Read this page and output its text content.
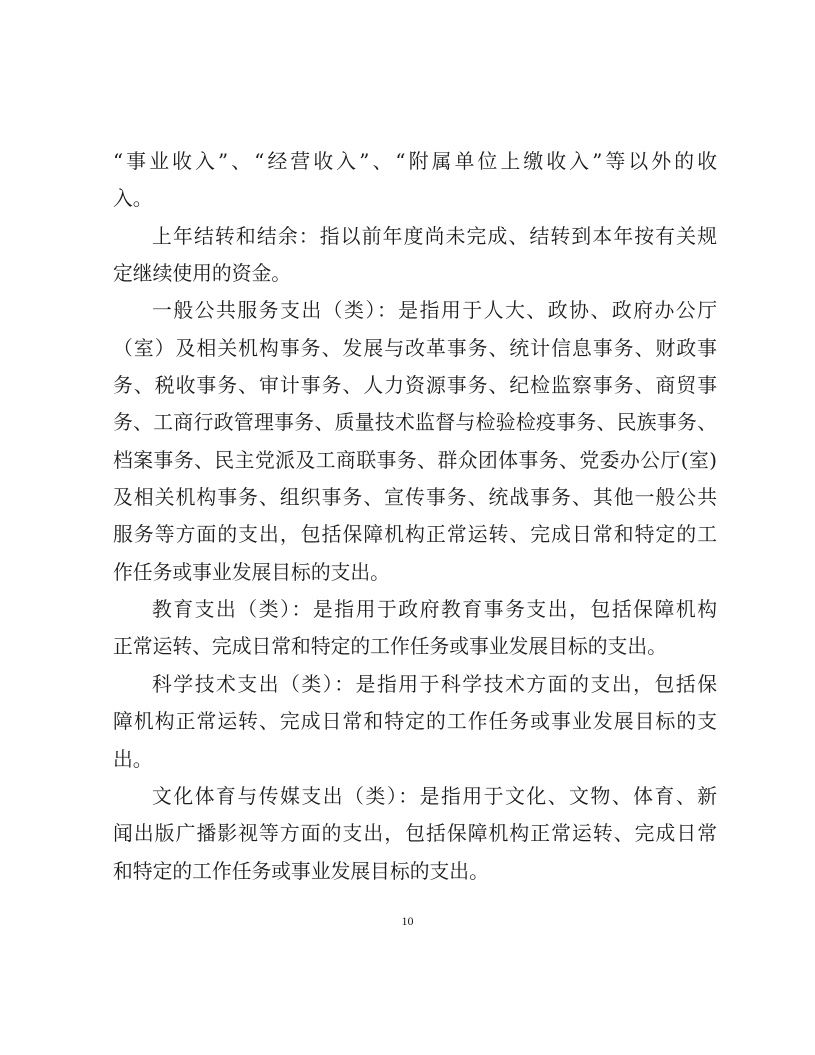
“事业收入”、“经营收入”、“附属单位上缴收入”等以外的收
入。
上年结转和结余：指以前年度尚未完成、结转到本年按有关规
定继续使用的资金。
一般公共服务支出（类）：是指用于人大、政协、政府办公厅
（室）及相关机构事务、发展与改革事务、统计信息事务、财政事
务、税收事务、审计事务、人力资源事务、纪检监察事务、商贸事
务、工商行政管理事务、质量技术监督与检验检疫事务、民族事务、
档案事务、民主党派及工商联事务、群众团体事务、党委办公厅(室)
及相关机构事务、组织事务、宣传事务、统战事务、其他一般公共
服务等方面的支出，包括保障机构正常运转、完成日常和特定的工
作任务或事业发展目标的支出。
教育支出（类）：是指用于政府教育事务支出，包括保障机构
正常运转、完成日常和特定的工作任务或事业发展目标的支出。
科学技术支出（类）：是指用于科学技术方面的支出，包括保
障机构正常运转、完成日常和特定的工作任务或事业发展目标的支
出。
文化体育与传媒支出（类）：是指用于文化、文物、体育、新
闻出版广播影视等方面的支出，包括保障机构正常运转、完成日常
和特定的工作任务或事业发展目标的支出。
10
